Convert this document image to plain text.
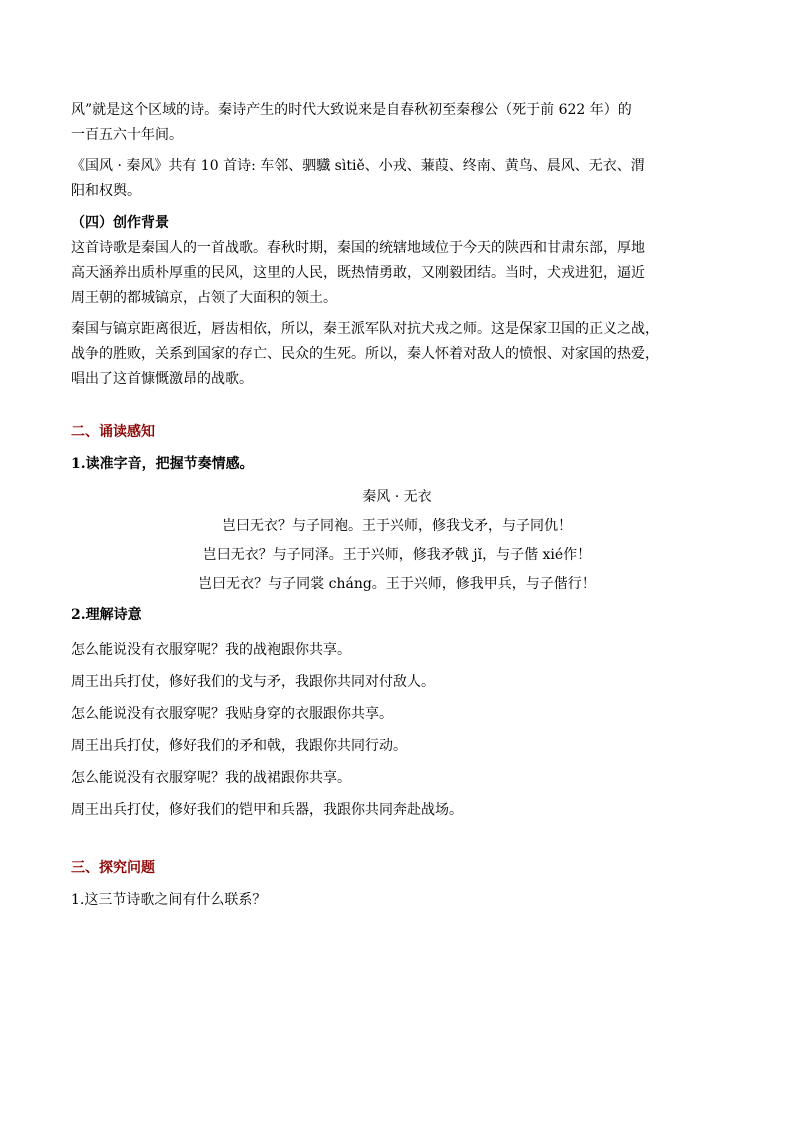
风”就是这个区域的诗。秦诗产生的时代大致说来是自春秋初至秦穆公（死于前 622 年）的

一百五六十年间。

《国风 · 秦风》共有 10 首诗: 车邻、驷驖 sìtiě、小戎、蒹葭、终南、黄鸟、晨风、无衣、渭

阳和权舆。

（四）创作背景

这首诗歌是秦国人的一首战歌。春秋时期，秦国的统辖地域位于今天的陕西和甘肃东部，厚地

高天涵养出质朴厚重的民风，这里的人民，既热情勇敢，又刚毅团结。当时，犬戎进犯，逼近

周王朝的都城镐京，占领了大面积的领土。

秦国与镐京距离很近，唇齿相依，所以，秦王派军队对抗犬戎之师。这是保家卫国的正义之战，

战争的胜败，关系到国家的存亡、民众的生死。所以，秦人怀着对敌人的愤恨、对家国的热爱，

唱出了这首慷慨激昂的战歌。

二、诵读感知

1.读准字音，把握节奏情感。

秦风 · 无衣

岂曰无衣？与子同袍。王于兴师，修我戈矛，与子同仇！

岂曰无衣？与子同泽。王于兴师，修我矛戟 jǐ，与子偕 xié作！

岂曰无衣？与子同裳 cháng。王于兴师，修我甲兵，与子偕行！

2.理解诗意

怎么能说没有衣服穿呢？我的战袍跟你共享。

周王出兵打仗，修好我们的戈与矛，我跟你共同对付敌人。

怎么能说没有衣服穿呢？我贴身穿的衣服跟你共享。

周王出兵打仗，修好我们的矛和戟，我跟你共同行动。

怎么能说没有衣服穿呢？我的战裙跟你共享。

周王出兵打仗，修好我们的铠甲和兵器，我跟你共同奔赴战场。

三、探究问题

1.这三节诗歌之间有什么联系？
